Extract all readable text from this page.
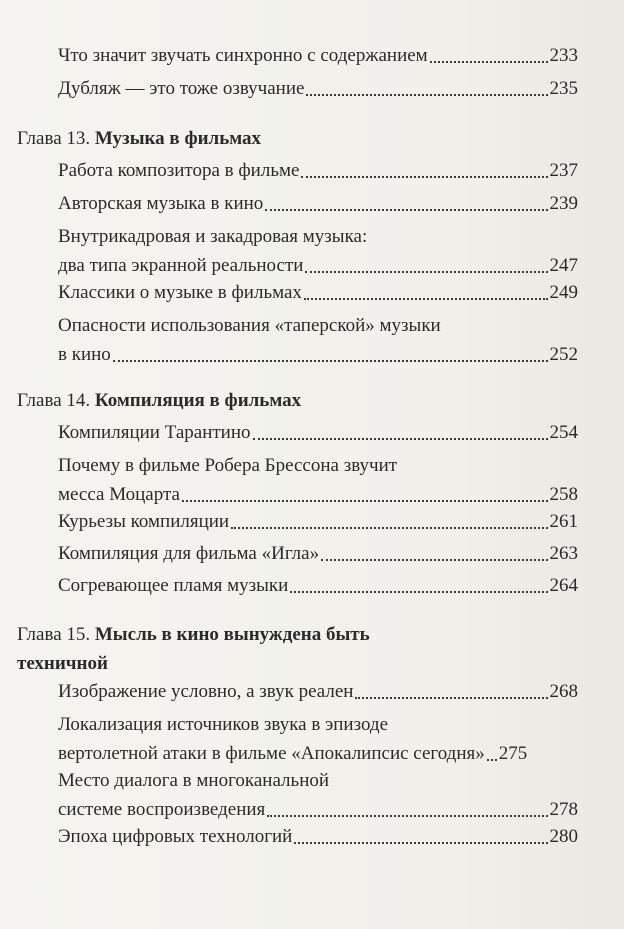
Что значит звучать синхронно с содержанием	233
Дубляж — это тоже озвучание	235
Глава 13. Музыка в фильмах
Работа композитора в фильме	237
Авторская музыка в кино	239
Внутрикадровая и закадровая музыка:
два типа экранной реальности	247
Классики о музыке в фильмах	249
Опасности использования «таперской» музыки
в кино	252
Глава 14. Компиляция в фильмах
Компиляции Тарантино	254
Почему в фильме Робера Брессона звучит
месса Моцарта	258
Курьезы компиляции	261
Компиляция для фильма «Игла»	263
Согревающее пламя музыки	264
Глава 15. Мысль в кино вынуждена быть
техничной
Изображение условно, а звук реален	268
Локализация источников звука в эпизоде
вертолетной атаки в фильме «Апокалипсис сегодня» 275
Место диалога в многоканальной
системе воспроизведения	278
Эпоха цифровых технологий	280
